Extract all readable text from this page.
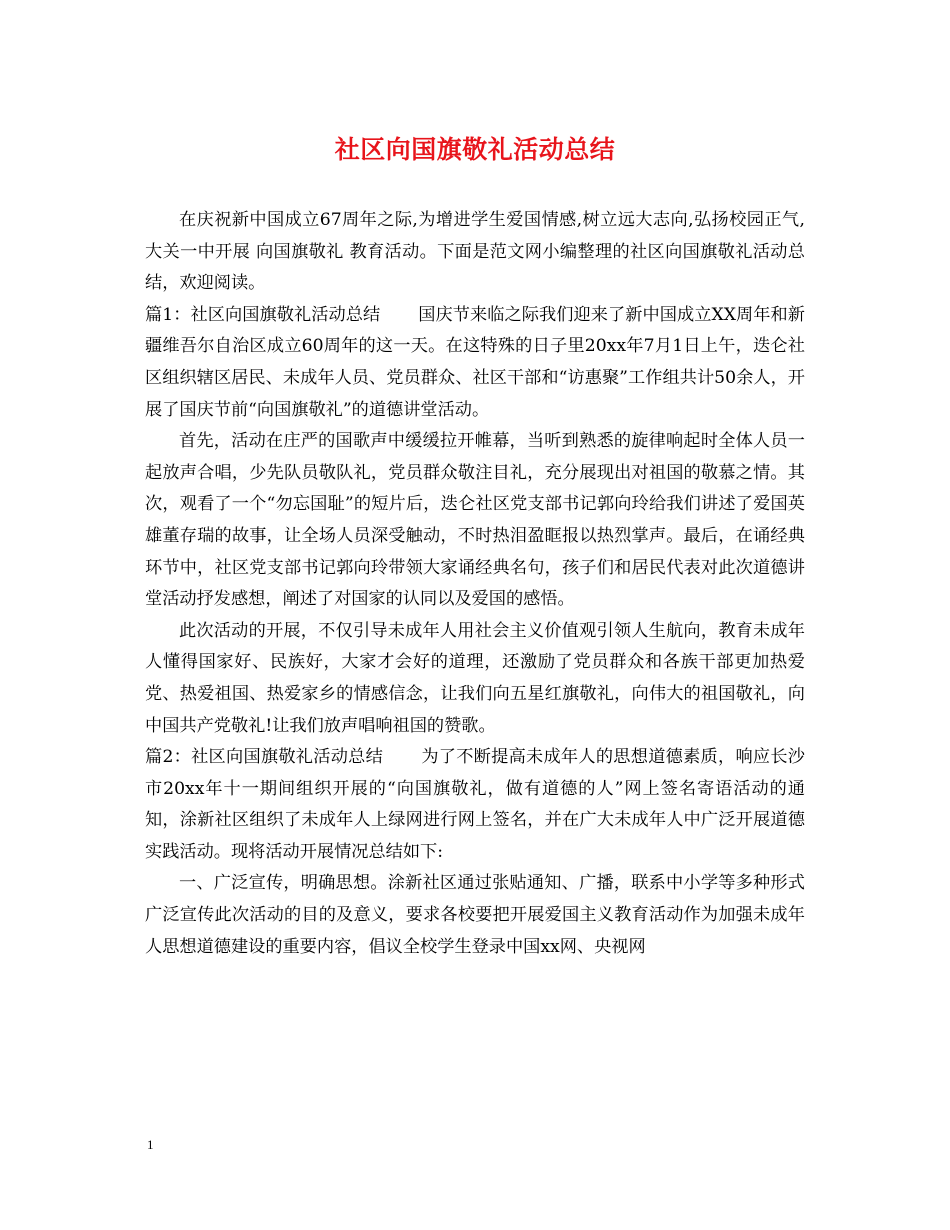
社区向国旗敬礼活动总结

在庆祝新中国成立67周年之际,为增进学生爱国情感,树立远大志向,弘扬校园正气,大关一中开展 向国旗敬礼 教育活动。下面是范文网小编整理的社区向国旗敬礼活动总结，欢迎阅读。

篇1：社区向国旗敬礼活动总结 国庆节来临之际我们迎来了新中国成立XX周年和新疆维吾尔自治区成立60周年的这一天。在这特殊的日子里20xx年7月1日上午，迭仑社区组织辖区居民、未成年人员、党员群众、社区干部和“访惠聚”工作组共计50余人，开展了国庆节前“向国旗敬礼”的道德讲堂活动。

首先，活动在庄严的国歌声中缓缓拉开帷幕，当听到熟悉的旋律响起时全体人员一起放声合唱，少先队员敬队礼，党员群众敬注目礼，充分展现出对祖国的敬慕之情。其次，观看了一个“勿忘国耻”的短片后，迭仑社区党支部书记郭向玲给我们讲述了爱国英雄董存瑞的故事，让全场人员深受触动，不时热泪盈眶报以热烈掌声。最后，在诵经典环节中，社区党支部书记郭向玲带领大家诵经典名句，孩子们和居民代表对此次道德讲堂活动抒发感想，阐述了对国家的认同以及爱国的感悟。

此次活动的开展，不仅引导未成年人用社会主义价值观引领人生航向，教育未成年人懂得国家好、民族好，大家才会好的道理，还激励了党员群众和各族干部更加热爱党、热爱祖国、热爱家乡的情感信念，让我们向五星红旗敬礼，向伟大的祖国敬礼，向中国共产党敬礼!让我们放声唱响祖国的赞歌。

篇2：社区向国旗敬礼活动总结 为了不断提高未成年人的思想道德素质，响应长沙市20xx年十一期间组织开展的“向国旗敬礼，做有道德的人”网上签名寄语活动的通知，涂新社区组织了未成年人上绿网进行网上签名，并在广大未成年人中广泛开展道德实践活动。现将活动开展情况总结如下:

一、广泛宣传，明确思想。涂新社区通过张贴通知、广播，联系中小学等多种形式广泛宣传此次活动的目的及意义，要求各校要把开展爱国主义教育活动作为加强未成年人思想道德建设的重要内容，倡议全校学生登录中国xx网、央视网

1
